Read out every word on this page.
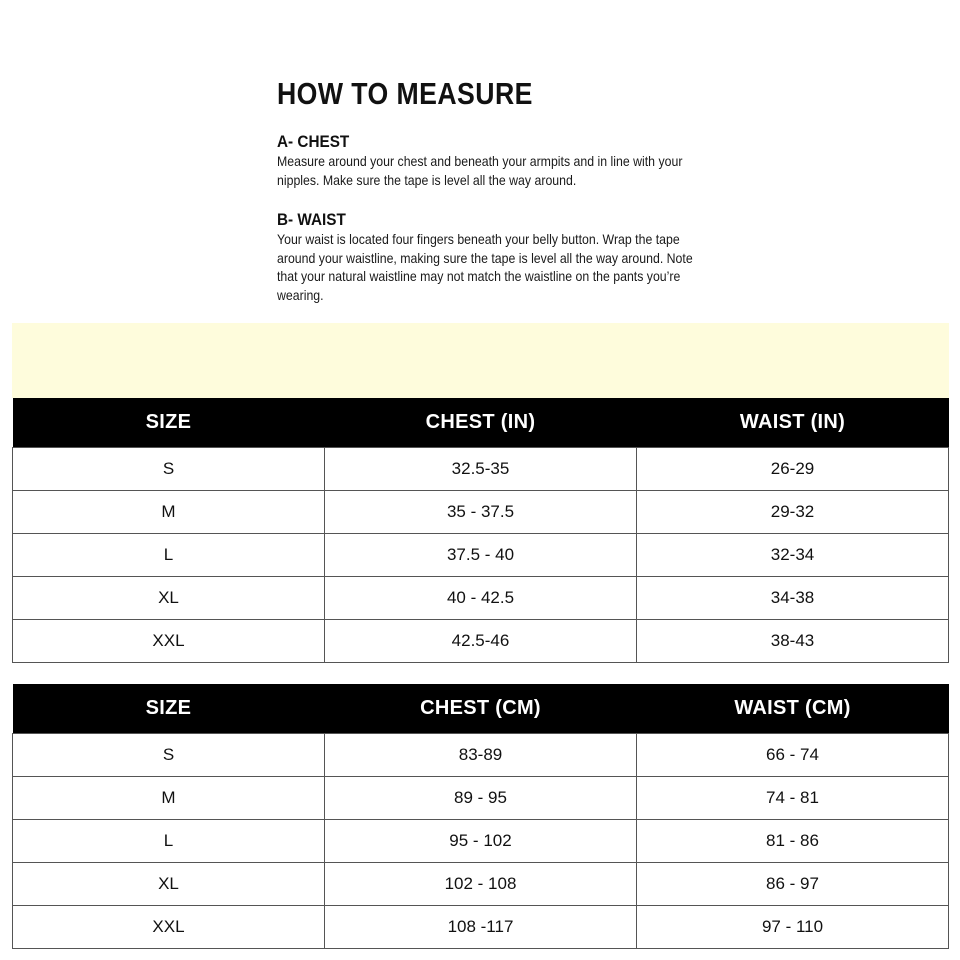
HOW TO MEASURE
A- CHEST

Measure around your chest and beneath your armpits and in line with your nipples. Make sure the tape is level all the way around.

B- WAIST

Your waist is located four fingers beneath your belly button. Wrap the tape around your waistline, making sure the tape is level all the way around. Note that your natural waistline may not match the waistline on the pants you’re wearing.

SIZE	CHEST (IN)	WAIST (IN)
S	32.5-35	26-29
M	35 - 37.5	29-32
L	37.5 - 40	32-34
XL	40 - 42.5	34-38
XXL	42.5-46	38-43
SIZE	CHEST (CM)	WAIST (CM)
S	83-89	66 - 74
M	89 - 95	74 - 81
L	95 - 102	81 - 86
XL	102 - 108	86 - 97
XXL	108 -117	97 - 110
